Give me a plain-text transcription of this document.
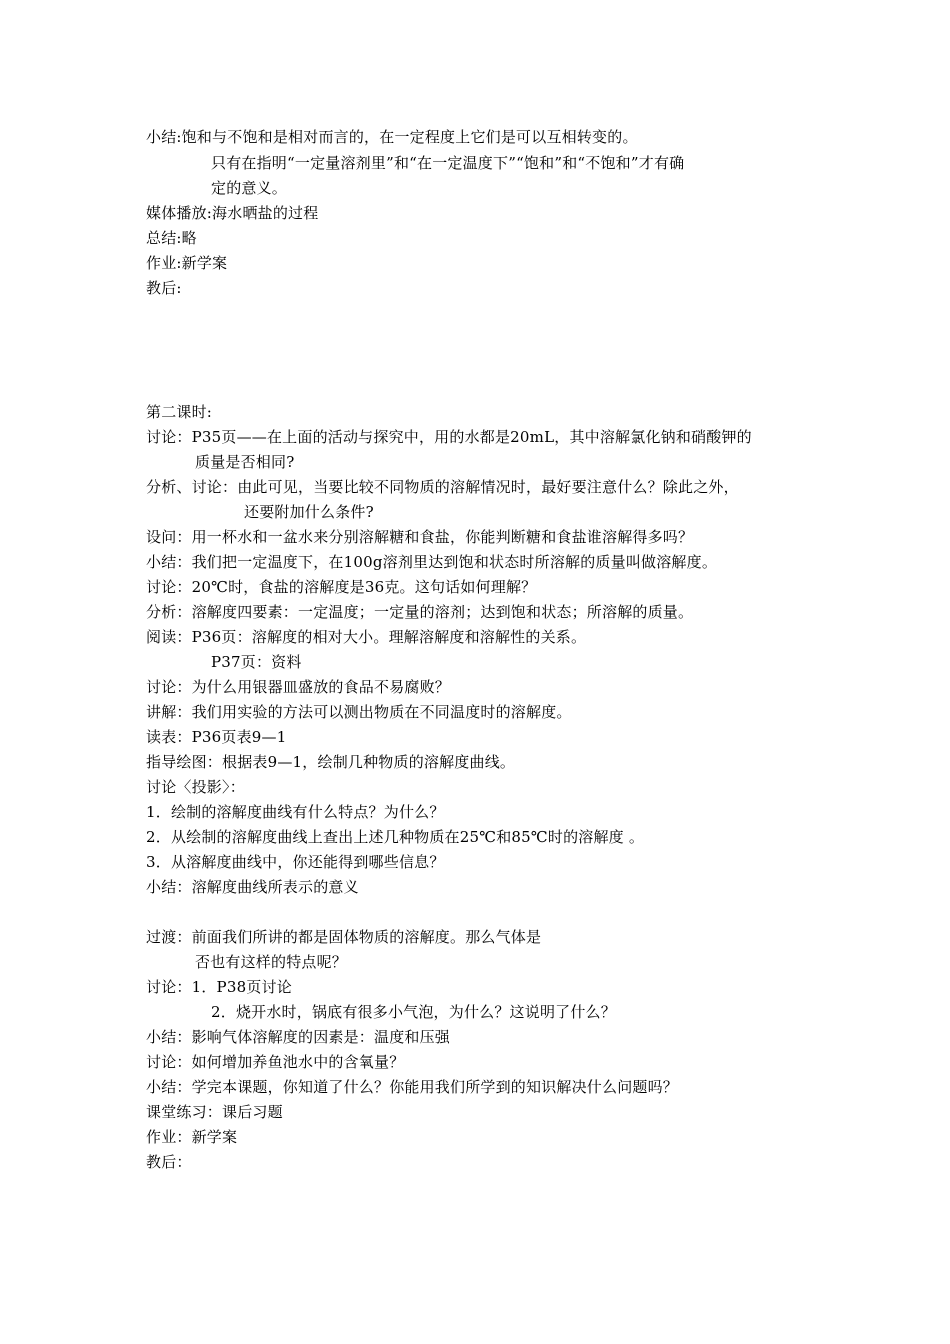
小结:饱和与不饱和是相对而言的，在一定程度上它们是可以互相转变的。
只有在指明“一定量溶剂里”和“在一定温度下”“饱和”和“不饱和”才有确
定的意义。
媒体播放:海水晒盐的过程
总结:略
作业:新学案
教后:
第二课时:
讨论：P35页——在上面的活动与探究中，用的水都是20mL，其中溶解氯化钠和硝酸钾的
质量是否相同?
分析、讨论：由此可见，当要比较不同物质的溶解情况时，最好要注意什么？除此之外，
还要附加什么条件?
设问：用一杯水和一盆水来分别溶解糖和食盐，你能判断糖和食盐谁溶解得多吗？
小结：我们把一定温度下，在100g溶剂里达到饱和状态时所溶解的质量叫做溶解度。
讨论：20℃时，食盐的溶解度是36克。这句话如何理解？
分析：溶解度四要素：一定温度；一定量的溶剂；达到饱和状态；所溶解的质量。
阅读：P36页：溶解度的相对大小。理解溶解度和溶解性的关系。
P37页：资料
讨论：为什么用银器皿盛放的食品不易腐败？
讲解：我们用实验的方法可以测出物质在不同温度时的溶解度。
读表：P36页表9—1
指导绘图：根据表9—1，绘制几种物质的溶解度曲线。
讨论〈投影〉：
1．绘制的溶解度曲线有什么特点？为什么？
2．从绘制的溶解度曲线上查出上述几种物质在25℃和85℃时的溶解度 。
3．从溶解度曲线中，你还能得到哪些信息？
小结：溶解度曲线所表示的意义
过渡：前面我们所讲的都是固体物质的溶解度。那么气体是
否也有这样的特点呢？
讨论：1．P38页讨论
2．烧开水时，锅底有很多小气泡，为什么？这说明了什么？
小结：影响气体溶解度的因素是：温度和压强
讨论：如何增加养鱼池水中的含氧量？
小结：学完本课题，你知道了什么？你能用我们所学到的知识解决什么问题吗？
课堂练习：课后习题
作业：新学案
教后：
